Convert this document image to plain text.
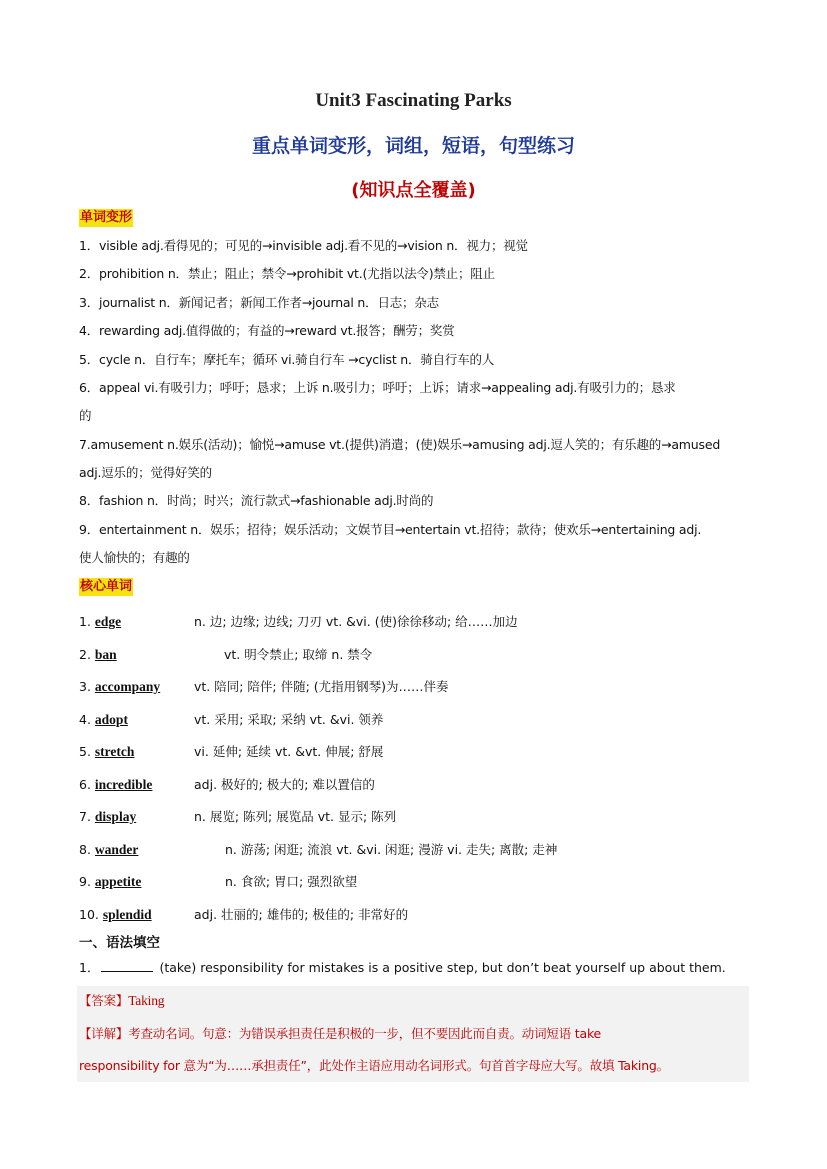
Unit3 Fascinating Parks
重点单词变形，词组，短语，句型练习
(知识点全覆盖)
单词变形
1．visible adj.看得见的；可见的→invisible adj.看不见的→vision n．视力；视觉
2．prohibition n．禁止；阻止；禁令→prohibit vt.(尤指以法令)禁止；阻止
3．journalist n．新闻记者；新闻工作者→journal n．日志；杂志
4．rewarding adj.值得做的；有益的→reward vt.报答；酬劳；奖赏
5．cycle n．自行车；摩托车；循环 vi.骑自行车 →cyclist n．骑自行车的人
6．appeal vi.有吸引力；呼吁；恳求；上诉 n.吸引力；呼吁；上诉；请求→appealing adj.有吸引力的；恳求
的
7.amusement n.娱乐(活动)；愉悦→amuse vt.(提供)消遣；(使)娱乐→amusing adj.逗人笑的；有乐趣的→amused
adj.逗乐的；觉得好笑的
8．fashion n．时尚；时兴；流行款式→fashionable adj.时尚的
9．entertainment n．娱乐；招待；娱乐活动；文娱节目→entertain vt.招待；款待；使欢乐→entertaining adj.
使人愉快的；有趣的
核心单词
1. edge	n. 边; 边缘; 边线; 刀刃 vt. &vi. (使)徐徐移动; 给……加边
2. ban	vt. 明令禁止; 取缔 n. 禁令
3. accompany	vt. 陪同; 陪伴; 伴随; (尤指用钢琴)为……伴奏
4. adopt	vt. 采用; 采取; 采纳 vt. &vi. 领养
5. stretch	vi. 延伸; 延续 vt. &vt. 伸展; 舒展
6. incredible	adj. 极好的; 极大的; 难以置信的
7. display	n. 展览; 陈列; 展览品 vt. 显示; 陈列
8. wander	n. 游荡; 闲逛; 流浪 vt. &vi. 闲逛; 漫游 vi. 走失; 离散; 走神
9. appetite	n. 食欲; 胃口; 强烈欲望
10. splendid	adj. 壮丽的; 雄伟的; 极佳的; 非常好的
一、语法填空
1．	(take) responsibility for mistakes is a positive step, but don’t beat yourself up about them.
【答案】Taking
【详解】考查动名词。句意：为错误承担责任是积极的一步，但不要因此而自责。动词短语 take
responsibility for 意为“为……承担责任”，此处作主语应用动名词形式。句首首字母应大写。故填 Taking。
